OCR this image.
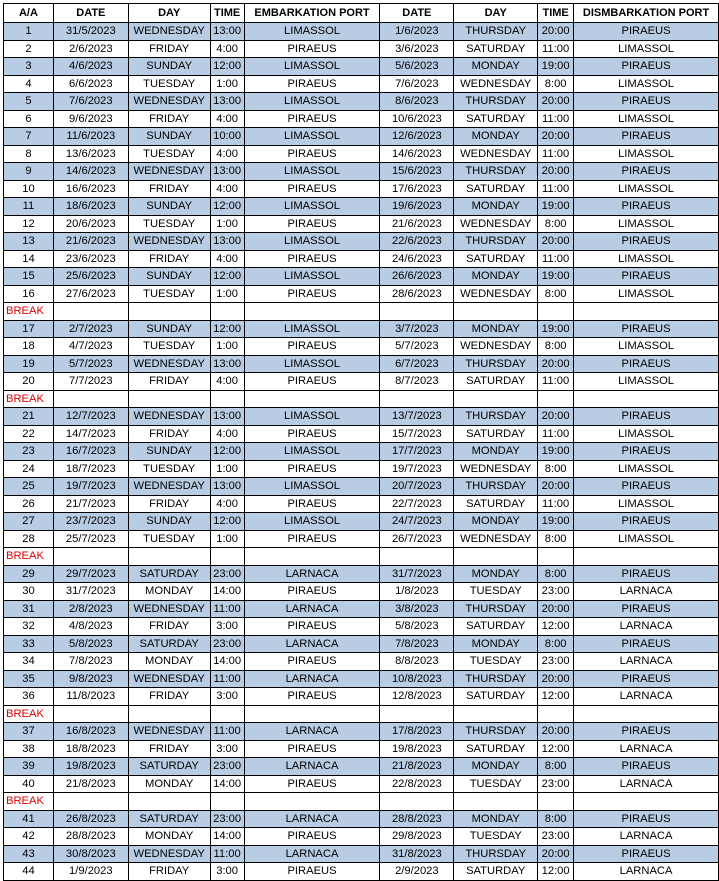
A/A	DATE	DAY	TIME	EMBARKATION PORT	DATE	DAY	TIME	DISMBARKATION PORT
1	31/5/2023	WEDNESDAY	13:00	LIMASSOL	1/6/2023	THURSDAY	20:00	PIRAEUS
2	2/6/2023	FRIDAY	4:00	PIRAEUS	3/6/2023	SATURDAY	11:00	LIMASSOL
3	4/6/2023	SUNDAY	12:00	LIMASSOL	5/6/2023	MONDAY	19:00	PIRAEUS
4	6/6/2023	TUESDAY	1:00	PIRAEUS	7/6/2023	WEDNESDAY	8:00	LIMASSOL
5	7/6/2023	WEDNESDAY	13:00	LIMASSOL	8/6/2023	THURSDAY	20:00	PIRAEUS
6	9/6/2023	FRIDAY	4:00	PIRAEUS	10/6/2023	SATURDAY	11:00	LIMASSOL
7	11/6/2023	SUNDAY	10:00	LIMASSOL	12/6/2023	MONDAY	20:00	PIRAEUS
8	13/6/2023	TUESDAY	4:00	PIRAEUS	14/6/2023	WEDNESDAY	11:00	LIMASSOL
9	14/6/2023	WEDNESDAY	13:00	LIMASSOL	15/6/2023	THURSDAY	20:00	PIRAEUS
10	16/6/2023	FRIDAY	4:00	PIRAEUS	17/6/2023	SATURDAY	11:00	LIMASSOL
11	18/6/2023	SUNDAY	12:00	LIMASSOL	19/6/2023	MONDAY	19:00	PIRAEUS
12	20/6/2023	TUESDAY	1:00	PIRAEUS	21/6/2023	WEDNESDAY	8:00	LIMASSOL
13	21/6/2023	WEDNESDAY	13:00	LIMASSOL	22/6/2023	THURSDAY	20:00	PIRAEUS
14	23/6/2023	FRIDAY	4:00	PIRAEUS	24/6/2023	SATURDAY	11:00	LIMASSOL
15	25/6/2023	SUNDAY	12:00	LIMASSOL	26/6/2023	MONDAY	19:00	PIRAEUS
16	27/6/2023	TUESDAY	1:00	PIRAEUS	28/6/2023	WEDNESDAY	8:00	LIMASSOL
BREAK								
17	2/7/2023	SUNDAY	12:00	LIMASSOL	3/7/2023	MONDAY	19:00	PIRAEUS
18	4/7/2023	TUESDAY	1:00	PIRAEUS	5/7/2023	WEDNESDAY	8:00	LIMASSOL
19	5/7/2023	WEDNESDAY	13:00	LIMASSOL	6/7/2023	THURSDAY	20:00	PIRAEUS
20	7/7/2023	FRIDAY	4:00	PIRAEUS	8/7/2023	SATURDAY	11:00	LIMASSOL
BREAK								
21	12/7/2023	WEDNESDAY	13:00	LIMASSOL	13/7/2023	THURSDAY	20:00	PIRAEUS
22	14/7/2023	FRIDAY	4:00	PIRAEUS	15/7/2023	SATURDAY	11:00	LIMASSOL
23	16/7/2023	SUNDAY	12:00	LIMASSOL	17/7/2023	MONDAY	19:00	PIRAEUS
24	18/7/2023	TUESDAY	1:00	PIRAEUS	19/7/2023	WEDNESDAY	8:00	LIMASSOL
25	19/7/2023	WEDNESDAY	13:00	LIMASSOL	20/7/2023	THURSDAY	20:00	PIRAEUS
26	21/7/2023	FRIDAY	4:00	PIRAEUS	22/7/2023	SATURDAY	11:00	LIMASSOL
27	23/7/2023	SUNDAY	12:00	LIMASSOL	24/7/2023	MONDAY	19:00	PIRAEUS
28	25/7/2023	TUESDAY	1:00	PIRAEUS	26/7/2023	WEDNESDAY	8:00	LIMASSOL
BREAK								
29	29/7/2023	SATURDAY	23:00	LARNACA	31/7/2023	MONDAY	8:00	PIRAEUS
30	31/7/2023	MONDAY	14:00	PIRAEUS	1/8/2023	TUESDAY	23:00	LARNACA
31	2/8/2023	WEDNESDAY	11:00	LARNACA	3/8/2023	THURSDAY	20:00	PIRAEUS
32	4/8/2023	FRIDAY	3:00	PIRAEUS	5/8/2023	SATURDAY	12:00	LARNACA
33	5/8/2023	SATURDAY	23:00	LARNACA	7/8/2023	MONDAY	8:00	PIRAEUS
34	7/8/2023	MONDAY	14:00	PIRAEUS	8/8/2023	TUESDAY	23:00	LARNACA
35	9/8/2023	WEDNESDAY	11:00	LARNACA	10/8/2023	THURSDAY	20:00	PIRAEUS
36	11/8/2023	FRIDAY	3:00	PIRAEUS	12/8/2023	SATURDAY	12:00	LARNACA
BREAK								
37	16/8/2023	WEDNESDAY	11:00	LARNACA	17/8/2023	THURSDAY	20:00	PIRAEUS
38	18/8/2023	FRIDAY	3:00	PIRAEUS	19/8/2023	SATURDAY	12:00	LARNACA
39	19/8/2023	SATURDAY	23:00	LARNACA	21/8/2023	MONDAY	8:00	PIRAEUS
40	21/8/2023	MONDAY	14:00	PIRAEUS	22/8/2023	TUESDAY	23:00	LARNACA
BREAK								
41	26/8/2023	SATURDAY	23:00	LARNACA	28/8/2023	MONDAY	8:00	PIRAEUS
42	28/8/2023	MONDAY	14:00	PIRAEUS	29/8/2023	TUESDAY	23:00	LARNACA
43	30/8/2023	WEDNESDAY	11:00	LARNACA	31/8/2023	THURSDAY	20:00	PIRAEUS
44	1/9/2023	FRIDAY	3:00	PIRAEUS	2/9/2023	SATURDAY	12:00	LARNACA
